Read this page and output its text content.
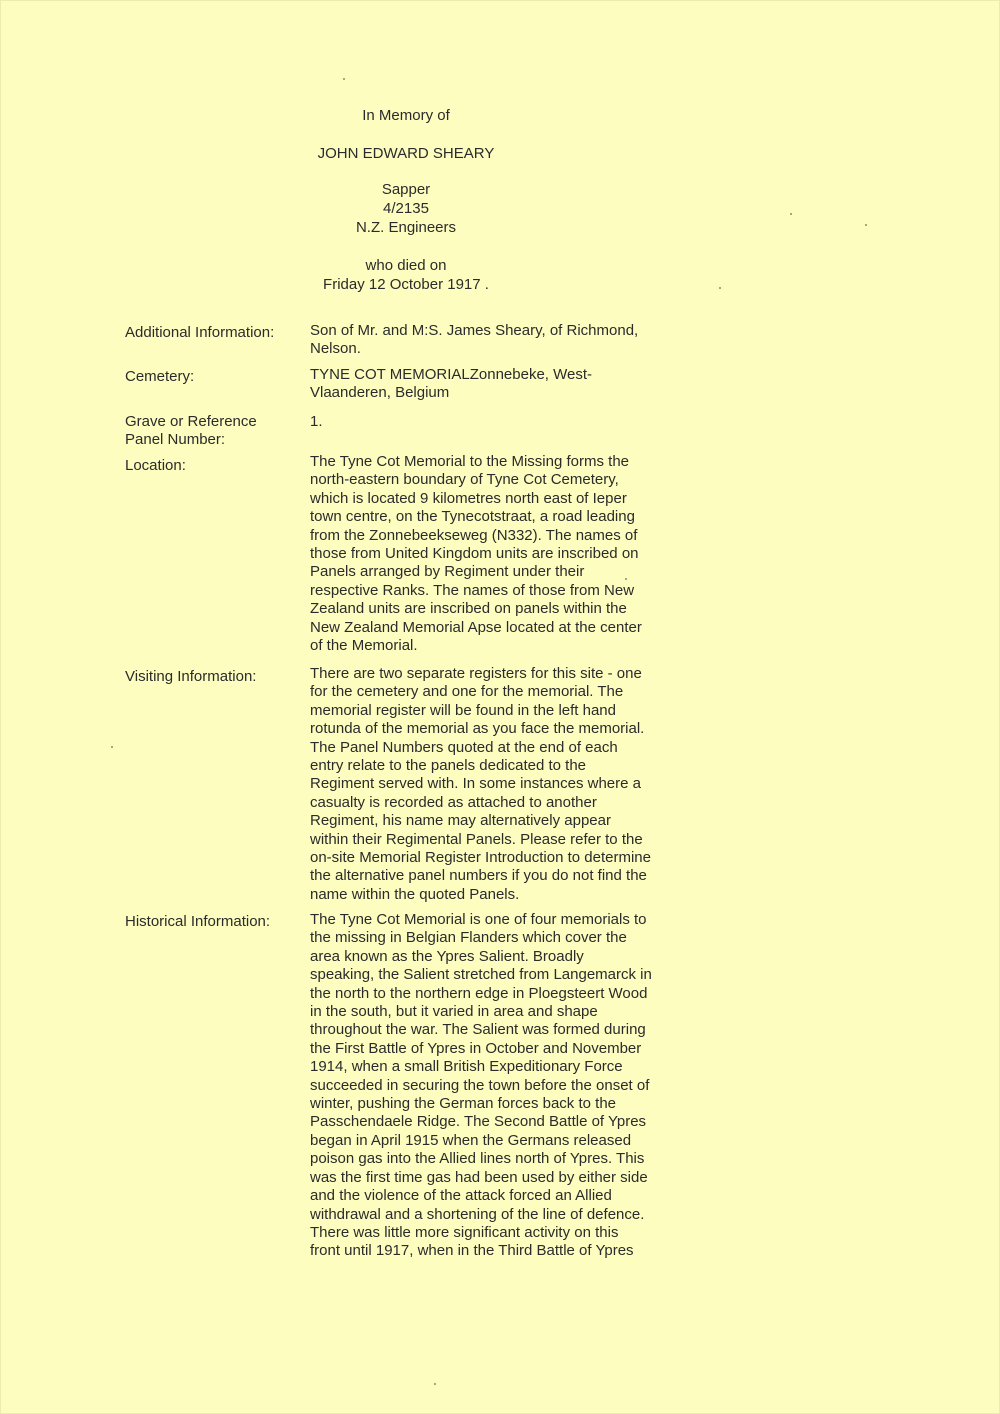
In Memory of
JOHN EDWARD SHEARY
Sapper
4/2135
N.Z. Engineers
who died on
Friday 12 October 1917 .
Additional Information:	Son of Mr. and M:S. James Sheary, of Richmond,
Nelson.
Cemetery:	TYNE COT MEMORIALZonnebeke, West-
Vlaanderen, Belgium
Grave or Reference
Panel Number:
1.
Location:	The Tyne Cot Memorial to the Missing forms the
north-eastern boundary of Tyne Cot Cemetery,
which is located 9 kilometres north east of Ieper
town centre, on the Tynecotstraat, a road leading
from the Zonnebeekseweg (N332). The names of
those from United Kingdom units are inscribed on
Panels arranged by Regiment under their
respective Ranks. The names of those from New
Zealand units are inscribed on panels within the
New Zealand Memorial Apse located at the center
of the Memorial.
Visiting Information:	There are two separate registers for this site - one
for the cemetery and one for the memorial. The
memorial register will be found in the left hand
rotunda of the memorial as you face the memorial.
The Panel Numbers quoted at the end of each
entry relate to the panels dedicated to the
Regiment served with. In some instances where a
casualty is recorded as attached to another
Regiment, his name may alternatively appear
within their Regimental Panels. Please refer to the
on-site Memorial Register Introduction to determine
the alternative panel numbers if you do not find the
name within the quoted Panels.
Historical Information:	The Tyne Cot Memorial is one of four memorials to
the missing in Belgian Flanders which cover the
area known as the Ypres Salient. Broadly
speaking, the Salient stretched from Langemarck in
the north to the northern edge in Ploegsteert Wood
in the south, but it varied in area and shape
throughout the war. The Salient was formed during
the First Battle of Ypres in October and November
1914, when a small British Expeditionary Force
succeeded in securing the town before the onset of
winter, pushing the German forces back to the
Passchendaele Ridge. The Second Battle of Ypres
began in April 1915 when the Germans released
poison gas into the Allied lines north of Ypres. This
was the first time gas had been used by either side
and the violence of the attack forced an Allied
withdrawal and a shortening of the line of defence.
There was little more significant activity on this
front until 1917, when in the Third Battle of Ypres
